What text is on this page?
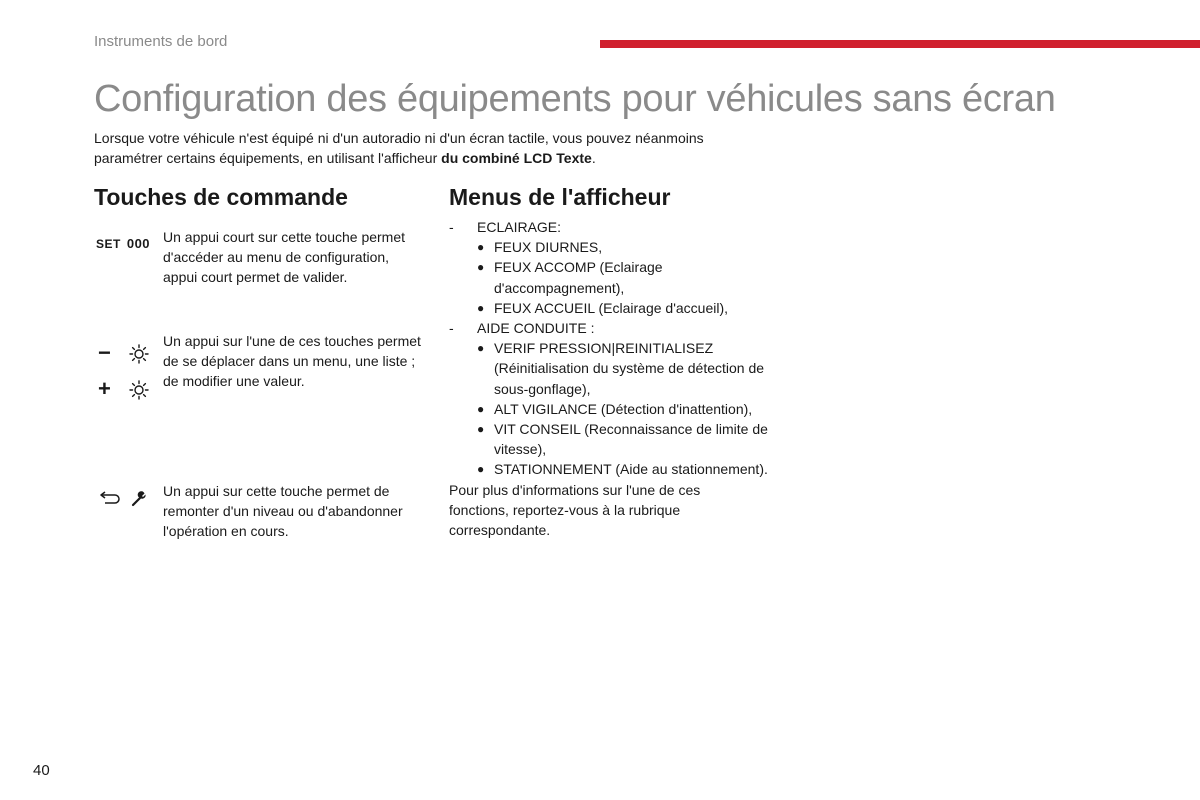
Instruments de bord
Configuration des équipements pour véhicules sans écran
Lorsque votre véhicule n'est équipé ni d'un autoradio ni d'un écran tactile, vous pouvez néanmoins
paramétrer certains équipements, en utilisant l'afficheur du combiné LCD Texte.
Touches de commande	Menus de l'afficheur
SET 000 Un appui court sur cette touche permet d'accéder au menu de configuration, appui court permet de valider.
−
+
Un appui sur l'une de ces touches permet de se déplacer dans un menu, une liste ; de modifier une valeur.
Un appui sur cette touche permet de remonter d'un niveau ou d'abandonner l'opération en cours.
- ECLAIRAGE:
● FEUX DIURNES,
● FEUX ACCOMP (Eclairage d'accompagnement),
● FEUX ACCUEIL (Eclairage d'accueil),
- AIDE CONDUITE :
● VERIF PRESSION|REINITIALISEZ (Réinitialisation du système de détection de sous-gonflage),
● ALT VIGILANCE (Détection d'inattention),
● VIT CONSEIL (Reconnaissance de limite de vitesse),
● STATIONNEMENT (Aide au stationnement).
Pour plus d'informations sur l'une de ces fonctions, reportez-vous à la rubrique correspondante.
40
